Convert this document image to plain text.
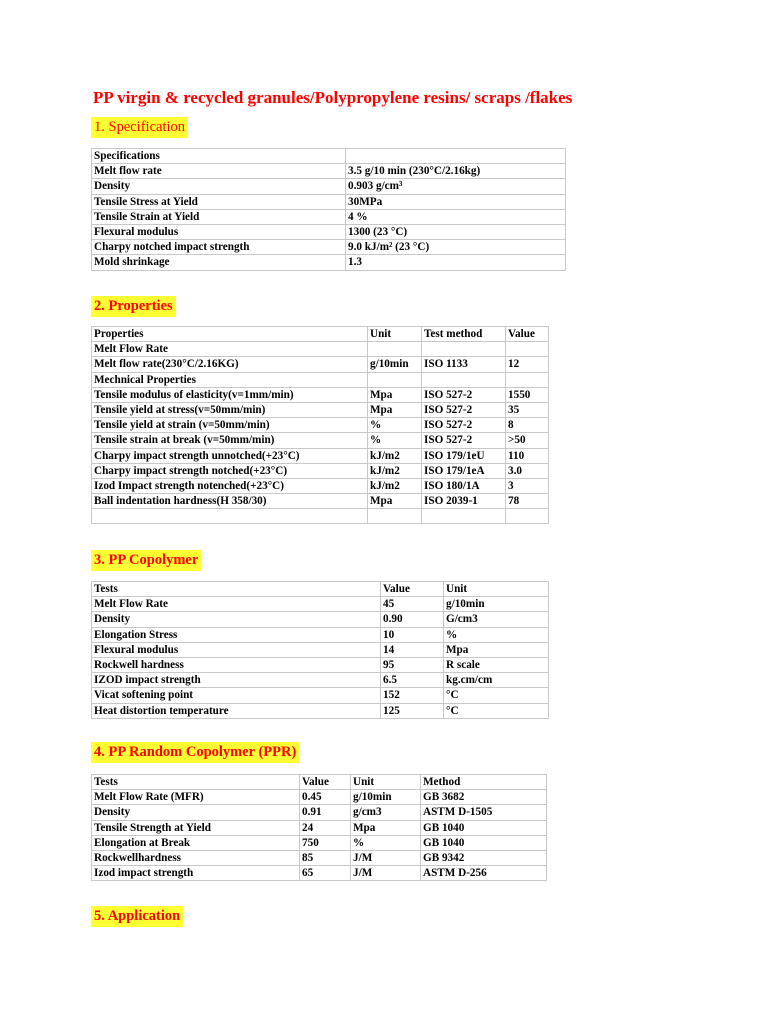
PP virgin & recycled granules/Polypropylene resins/ scraps /flakes
1. Specification
Specifications	
Melt flow rate	3.5 g/10 min (230°C/2.16kg)
Density	0.903 g/cm³
Tensile Stress at Yield	30MPa
Tensile Strain at Yield	4 %
Flexural modulus	1300 (23 °C)
Charpy notched impact strength	9.0 kJ/m² (23 °C)
Mold shrinkage	1.3
2. Properties
Properties	Unit	Test method	Value
Melt Flow Rate			
Melt flow rate(230°C/2.16KG)	g/10min	ISO 1133	12
Mechnical Properties			
Tensile modulus of elasticity(v=1mm/min)	Mpa	ISO 527-2	1550
Tensile yield at stress(v=50mm/min)	Mpa	ISO 527-2	35
Tensile yield at strain (v=50mm/min)	%	ISO 527-2	8
Tensile strain at break (v=50mm/min)	%	ISO 527-2	>50
Charpy impact strength unnotched(+23°C)	kJ/m2	ISO 179/1eU	110
Charpy impact strength notched(+23°C)	kJ/m2	ISO 179/1eA	3.0
Izod Impact strength notenched(+23°C)	kJ/m2	ISO 180/1A	3
Ball indentation hardness(H 358/30)	Mpa	ISO 2039-1	78

3. PP Copolymer
Tests	Value	Unit
Melt Flow Rate	45	g/10min
Density	0.90	G/cm3
Elongation Stress	10	%
Flexural modulus	14	Mpa
Rockwell hardness	95	R scale
IZOD impact strength	6.5	kg.cm/cm
Vicat softening point	152	°C
Heat distortion temperature	125	°C
4. PP Random Copolymer (PPR)
Tests	Value	Unit	Method
Melt Flow Rate (MFR)	0.45	g/10min	GB 3682
Density	0.91	g/cm3	ASTM D-1505
Tensile Strength at Yield	24	Mpa	GB 1040
Elongation at Break	750	%	GB 1040
Rockwellhardness	85	J/M	GB 9342
Izod impact strength	65	J/M	ASTM D-256
5. Application
